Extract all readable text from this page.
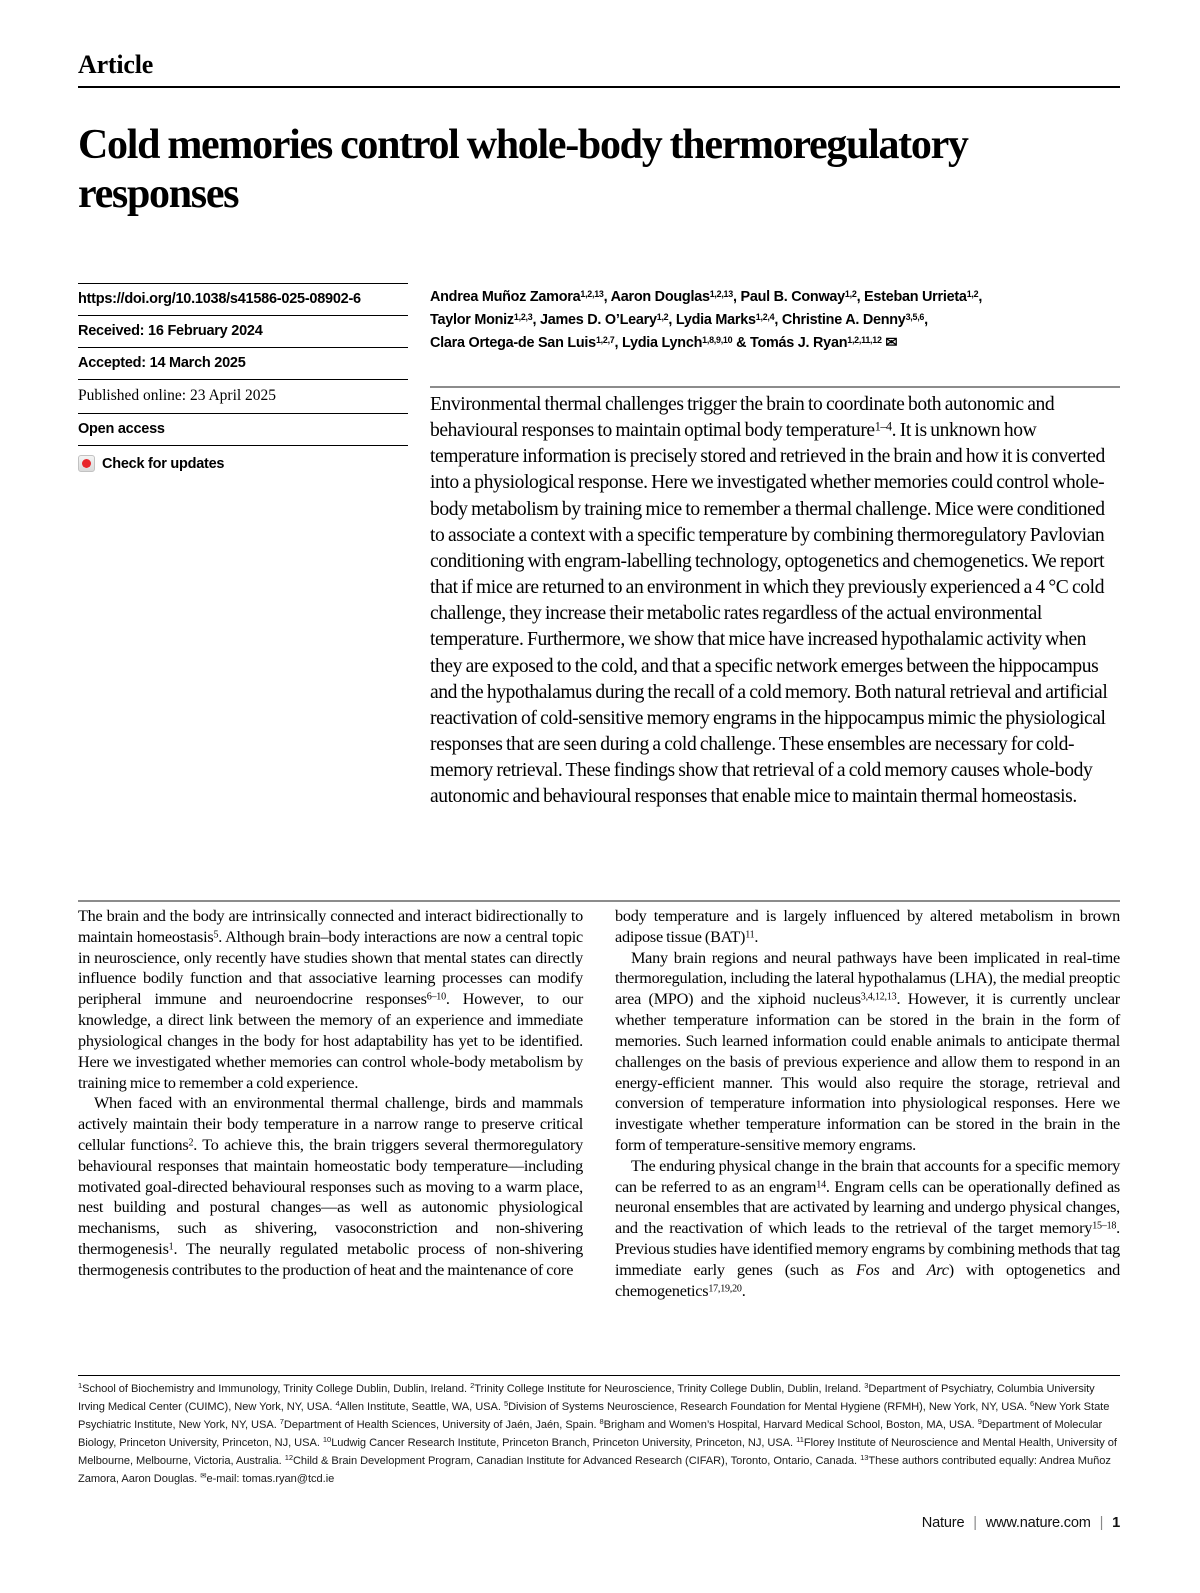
Article
Cold memories control whole-body thermoregulatory responses
https://doi.org/10.1038/s41586-025-08902-6
Received: 16 February 2024
Accepted: 14 March 2025
Published online: 23 April 2025
Open access
Check for updates
Andrea Muñoz Zamora$^{1,2,13}$, Aaron Douglas$^{1,2,13}$, Paul B. Conway$^{1,2}$, Esteban Urrieta$^{1,2}$,
Taylor Moniz$^{1,2,3}$, James D. O’Leary$^{1,2}$, Lydia Marks$^{1,2,4}$, Christine A. Denny$^{3,5,6}$,
Clara Ortega-de San Luis$^{1,2,7}$, Lydia Lynch$^{1,8,9,10}$ & Tomás J. Ryan$^{1,2,11,12}$ ✉
Environmental thermal challenges trigger the brain to coordinate both autonomic and behavioural responses to maintain optimal body temperature$^{1-4}$. It is unknown how temperature information is precisely stored and retrieved in the brain and how it is converted into a physiological response. Here we investigated whether memories could control whole-body metabolism by training mice to remember a thermal challenge. Mice were conditioned to associate a context with a specific temperature by combining thermoregulatory Pavlovian conditioning with engram-labelling technology, optogenetics and chemogenetics. We report that if mice are returned to an environment in which they previously experienced a 4 °C cold challenge, they increase their metabolic rates regardless of the actual environmental temperature. Furthermore, we show that mice have increased hypothalamic activity when they are exposed to the cold, and that a specific network emerges between the hippocampus and the hypothalamus during the recall of a cold memory. Both natural retrieval and artificial reactivation of cold-sensitive memory engrams in the hippocampus mimic the physiological responses that are seen during a cold challenge. These ensembles are necessary for cold-memory retrieval. These findings show that retrieval of a cold memory causes whole-body autonomic and behavioural responses that enable mice to maintain thermal homeostasis.

The brain and the body are intrinsically connected and interact bidirectionally to maintain homeostasis$^5$. Although brain–body interactions are now a central topic in neuroscience, only recently have studies shown that mental states can directly influence bodily function and that associative learning processes can modify peripheral immune and neuroendocrine responses$^{6-10}$. However, to our knowledge, a direct link between the memory of an experience and immediate physiological changes in the body for host adaptability has yet to be identified. Here we investigated whether memories can control whole-body metabolism by training mice to remember a cold experience.

When faced with an environmental thermal challenge, birds and mammals actively maintain their body temperature in a narrow range to preserve critical cellular functions$^2$. To achieve this, the brain triggers several thermoregulatory behavioural responses that maintain homeostatic body temperature—including motivated goal-directed behavioural responses such as moving to a warm place, nest building and postural changes—as well as autonomic physiological mechanisms, such as shivering, vasoconstriction and non-shivering thermogenesis$^1$. The neurally regulated metabolic process of non-shivering thermogenesis contributes to the production of heat and the maintenance of core

body temperature and is largely influenced by altered metabolism in brown adipose tissue (BAT)$^{11}$.

Many brain regions and neural pathways have been implicated in real-time thermoregulation, including the lateral hypothalamus (LHA), the medial preoptic area (MPO) and the xiphoid nucleus$^{3,4,12,13}$. However, it is currently unclear whether temperature information can be stored in the brain in the form of memories. Such learned information could enable animals to anticipate thermal challenges on the basis of previous experience and allow them to respond in an energy-efficient manner. This would also require the storage, retrieval and conversion of temperature information into physiological responses. Here we investigate whether temperature information can be stored in the brain in the form of temperature-sensitive memory engrams.

The enduring physical change in the brain that accounts for a specific memory can be referred to as an engram$^{14}$. Engram cells can be operationally defined as neuronal ensembles that are activated by learning and undergo physical changes, and the reactivation of which leads to the retrieval of the target memory$^{15-18}$. Previous studies have identified memory engrams by combining methods that tag immediate early genes (such as Fos and Arc) with optogenetics and chemogenetics$^{17,19,20}$.

$^1$School of Biochemistry and Immunology, Trinity College Dublin, Dublin, Ireland. $^2$Trinity College Institute for Neuroscience, Trinity College Dublin, Dublin, Ireland. $^3$Department of Psychiatry, Columbia University Irving Medical Center (CUIMC), New York, NY, USA. $^4$Allen Institute, Seattle, WA, USA. $^5$Division of Systems Neuroscience, Research Foundation for Mental Hygiene (RFMH), New York, NY, USA. $^6$New York State Psychiatric Institute, New York, NY, USA. $^7$Department of Health Sciences, University of Jaén, Jaén, Spain. $^8$Brigham and Women’s Hospital, Harvard Medical School, Boston, MA, USA. $^9$Department of Molecular Biology, Princeton University, Princeton, NJ, USA. $^{10}$Ludwig Cancer Research Institute, Princeton Branch, Princeton University, Princeton, NJ, USA. $^{11}$Florey Institute of Neuroscience and Mental Health, University of Melbourne, Melbourne, Victoria, Australia. $^{12}$Child & Brain Development Program, Canadian Institute for Advanced Research (CIFAR), Toronto, Ontario, Canada. $^{13}$These authors contributed equally: Andrea Muñoz Zamora, Aaron Douglas. ✉e-mail: tomas.ryan@tcd.ie
Nature | www.nature.com | 1
